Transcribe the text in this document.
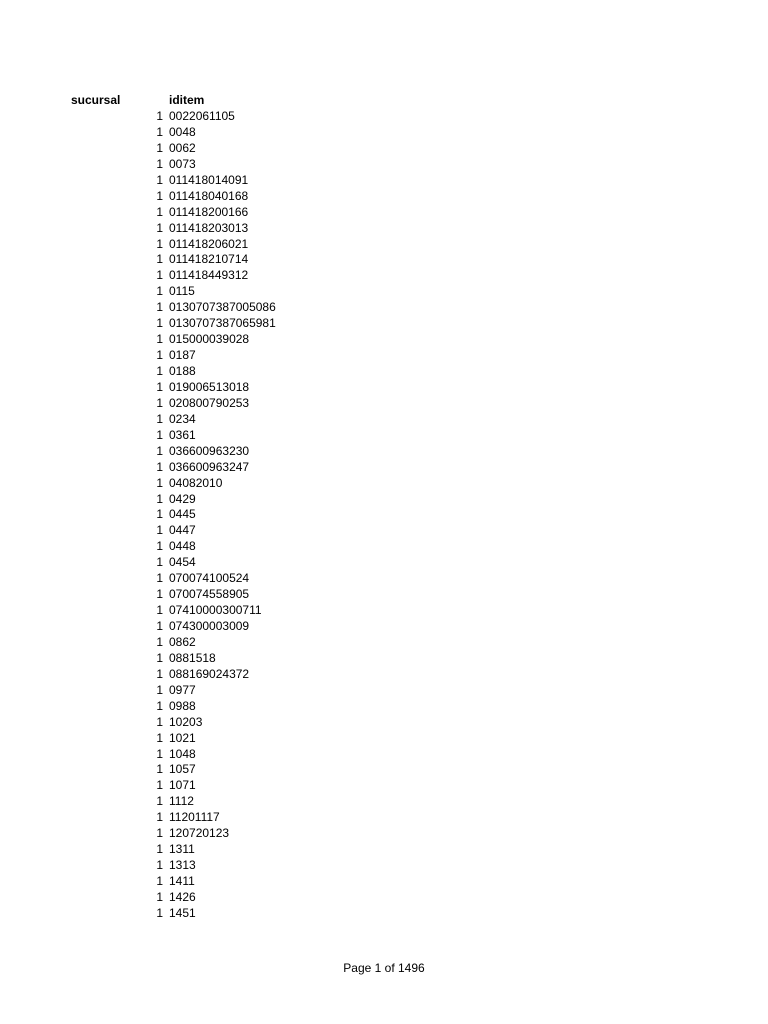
sucursal	iditem
1 0022061105
1 0048
1 0062
1 0073
1 011418014091
1 011418040168
1 011418200166
1 011418203013
1 011418206021
1 011418210714
1 011418449312
1 0115
1 0130707387005086
1 0130707387065981
1 015000039028
1 0187
1 0188
1 019006513018
1 020800790253
1 0234
1 0361
1 036600963230
1 036600963247
1 04082010
1 0429
1 0445
1 0447
1 0448
1 0454
1 070074100524
1 070074558905
1 07410000300711
1 074300003009
1 0862
1 0881518
1 088169024372
1 0977
1 0988
1 10203
1 1021
1 1048
1 1057
1 1071
1 1112
1 11201117
1 120720123
1 1311
1 1313
1 1411
1 1426
1 1451
Page 1 of 1496
